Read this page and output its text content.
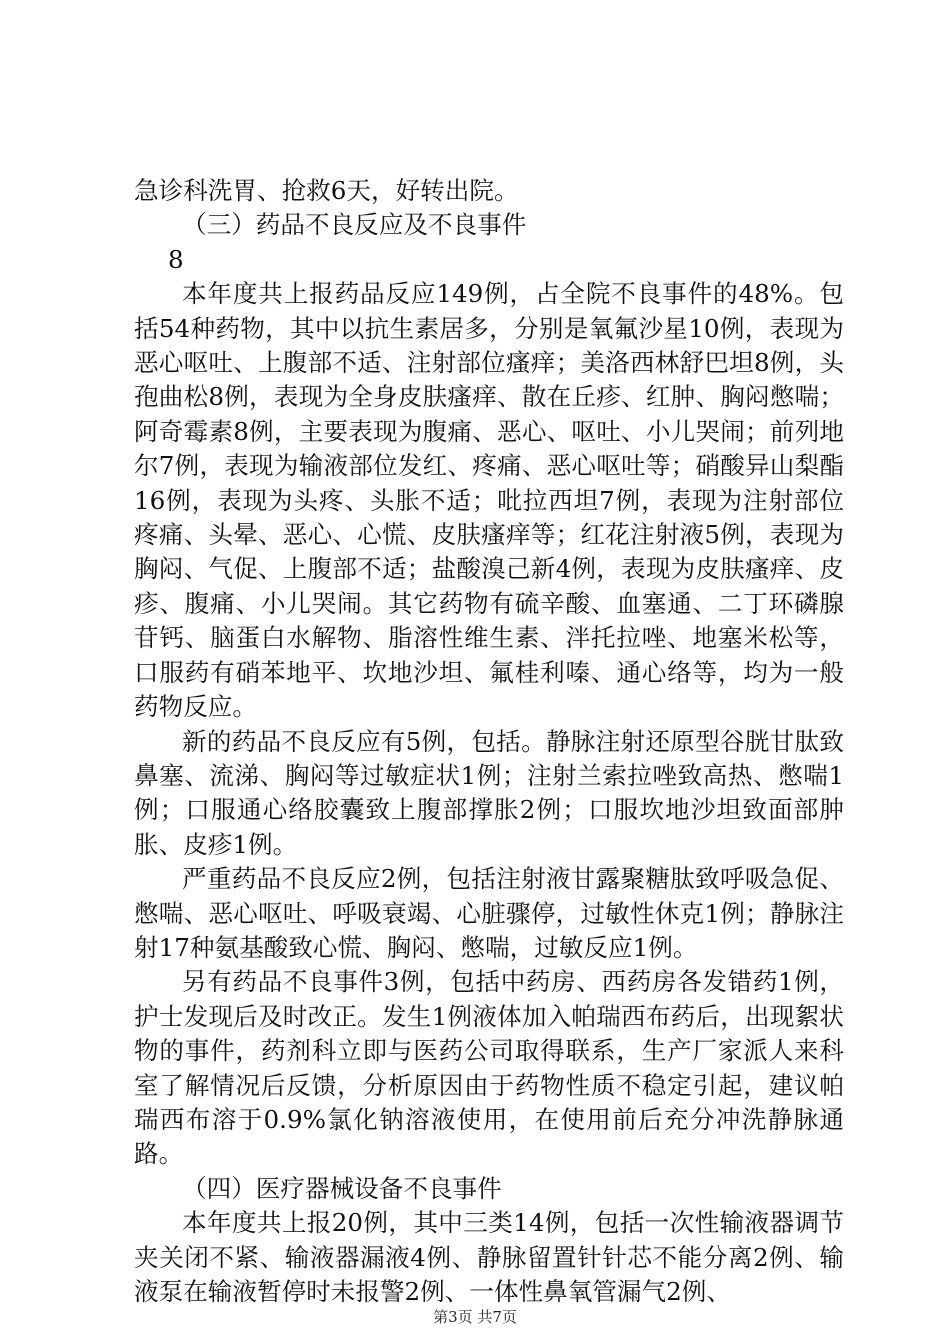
急诊科洗胃、抢救6天，好转出院。

（三）药品不良反应及不良事件

8

本年度共上报药品反应149例，占全院不良事件的48%。包括54种药物，其中以抗生素居多，分别是氧氟沙星10例，表现为恶心呕吐、上腹部不适、注射部位瘙痒；美洛西林舒巴坦8例，头孢曲松8例，表现为全身皮肤瘙痒、散在丘疹、红肿、胸闷憋喘；阿奇霉素8例，主要表现为腹痛、恶心、呕吐、小儿哭闹；前列地尔7例，表现为输液部位发红、疼痛、恶心呕吐等；硝酸异山梨酯16例，表现为头疼、头胀不适；吡拉西坦7例，表现为注射部位疼痛、头晕、恶心、心慌、皮肤瘙痒等；红花注射液5例，表现为胸闷、气促、上腹部不适；盐酸溴己新4例，表现为皮肤瘙痒、皮疹、腹痛、小儿哭闹。其它药物有硫辛酸、血塞通、二丁环磷腺苷钙、脑蛋白水解物、脂溶性维生素、泮托拉唑、地塞米松等，口服药有硝苯地平、坎地沙坦、氟桂利嗪、通心络等，均为一般药物反应。

新的药品不良反应有5例，包括。静脉注射还原型谷胱甘肽致鼻塞、流涕、胸闷等过敏症状1例；注射兰索拉唑致高热、憋喘1例；口服通心络胶囊致上腹部撑胀2例；口服坎地沙坦致面部肿胀、皮疹1例。

严重药品不良反应2例，包括注射液甘露聚糖肽致呼吸急促、憋喘、恶心呕吐、呼吸衰竭、心脏骤停，过敏性休克1例；静脉注射17种氨基酸致心慌、胸闷、憋喘，过敏反应1例。

另有药品不良事件3例，包括中药房、西药房各发错药1例，护士发现后及时改正。发生1例液体加入帕瑞西布药后，出现絮状物的事件，药剂科立即与医药公司取得联系，生产厂家派人来科室了解情况后反馈，分析原因由于药物性质不稳定引起，建议帕瑞西布溶于0.9%氯化钠溶液使用，在使用前后充分冲洗静脉通路。

（四）医疗器械设备不良事件

本年度共上报20例，其中三类14例，包括一次性输液器调节夹关闭不紧、输液器漏液4例、静脉留置针针芯不能分离2例、输液泵在输液暂停时未报警2例、一体性鼻氧管漏气2例、

第3页 共7页
